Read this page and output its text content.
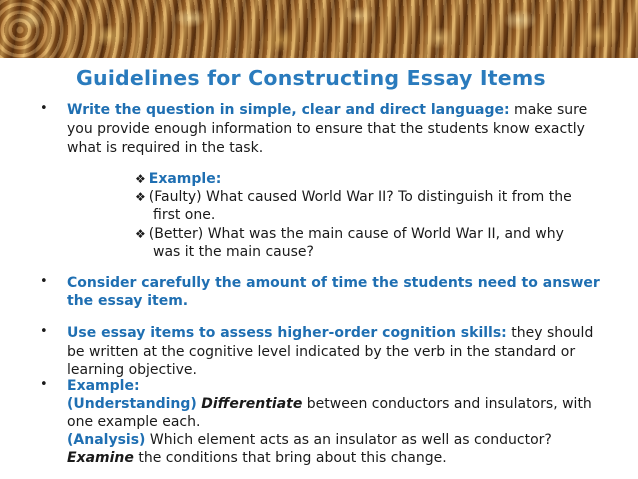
Guidelines for Constructing Essay Items
• Write the question in simple, clear and direct language: make sure
you provide enough information to ensure that the students know exactly
what is required in the task.
❖ Example:
❖ (Faulty) What caused World War II? To distinguish it from the
first one.
❖ (Better) What was the main cause of World War II, and why
was it the main cause?
• Consider carefully the amount of time the students need to answer
the essay item.
• Use essay items to assess higher-order cognition skills: they should
be written at the cognitive level indicated by the verb in the standard or
learning objective.
• Example:
(Understanding) Differentiate between conductors and insulators, with
one example each.
(Analysis) Which element acts as an insulator as well as conductor?
Examine the conditions that bring about this change.
